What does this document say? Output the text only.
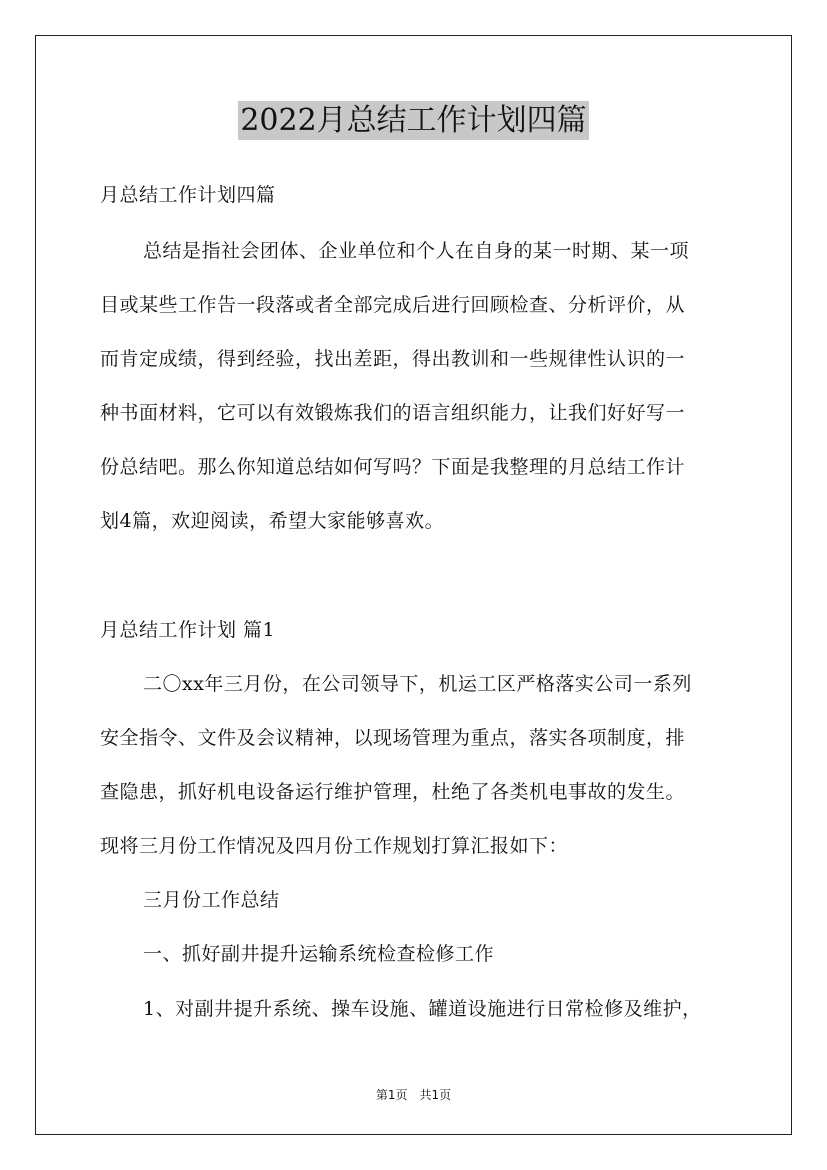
2022月总结工作计划四篇
月总结工作计划四篇
总结是指社会团体、企业单位和个人在自身的某一时期、某一项
目或某些工作告一段落或者全部完成后进行回顾检查、分析评价，从
而肯定成绩，得到经验，找出差距，得出教训和一些规律性认识的一
种书面材料，它可以有效锻炼我们的语言组织能力，让我们好好写一
份总结吧。那么你知道总结如何写吗？下面是我整理的月总结工作计
划4篇，欢迎阅读，希望大家能够喜欢。
月总结工作计划 篇1
二〇xx年三月份，在公司领导下，机运工区严格落实公司一系列
安全指令、文件及会议精神，以现场管理为重点，落实各项制度，排
查隐患，抓好机电设备运行维护管理，杜绝了各类机电事故的发生。
现将三月份工作情况及四月份工作规划打算汇报如下：
三月份工作总结
一、抓好副井提升运输系统检查检修工作
1、对副井提升系统、操车设施、罐道设施进行日常检修及维护，
第1页　共1页
